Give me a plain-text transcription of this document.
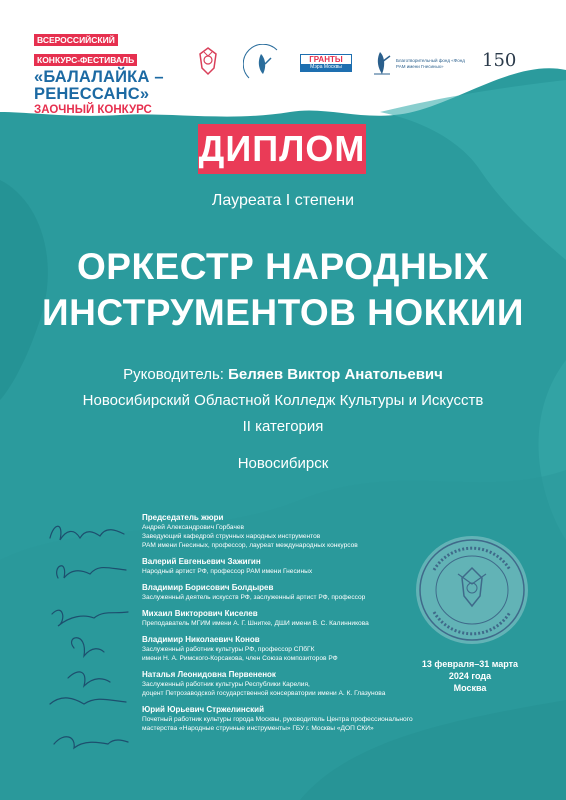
ВСЕРОССИЙСКИЙ
КОНКУРС-ФЕСТИВАЛЬ
«БАЛАЛАЙКА –
РЕНЕССАНС»
ЗАОЧНЫЙ КОНКУРС
ГРАНТЫ
Мэра Москвы
Благотворительный фонд «Фонд РАМ имени Гнесиных»	150
ДИПЛОМ
Лауреата I степени
ОРКЕСТР НАРОДНЫХ
ИНСТРУМЕНТОВ НОККИИ
Руководитель: Беляев Виктор Анатольевич
Новосибирский Областной Колледж Культуры и Искусств
II категория
Новосибирск
Председатель жюри
Андрей Александрович Горбачев
Заведующий кафедрой струнных народных инструментов
РАМ имени Гнесиных, профессор, лауреат международных конкурсов
Валерий Евгеньевич Зажигин
Народный артист РФ, профессор РАМ имени Гнесиных
Владимир Борисович Болдырев
Заслуженный деятель искусств РФ, заслуженный артист РФ, профессор
Михаил Викторович Киселев
Преподаватель МГИМ имени А. Г. Шнитке, ДШИ имени В. С. Калинникова
Владимир Николаевич Конов
Заслуженный работник культуры РФ, профессор СПбГК
имени Н. А. Римского-Корсакова, член Союза композиторов РФ
Наталья Леонидовна Первененок
Заслуженный работник культуры Республики Карелия,
доцент Петрозаводской государственной консерватории имени А. К. Глазунова
Юрий Юрьевич Стржелинский
Почетный работник культуры города Москвы, руководитель Центра профессионального
мастерства «Народные струнные инструменты» ГБУ г. Москвы «ДОП СКИ»
13 февраля–31 марта
2024 года
Москва
